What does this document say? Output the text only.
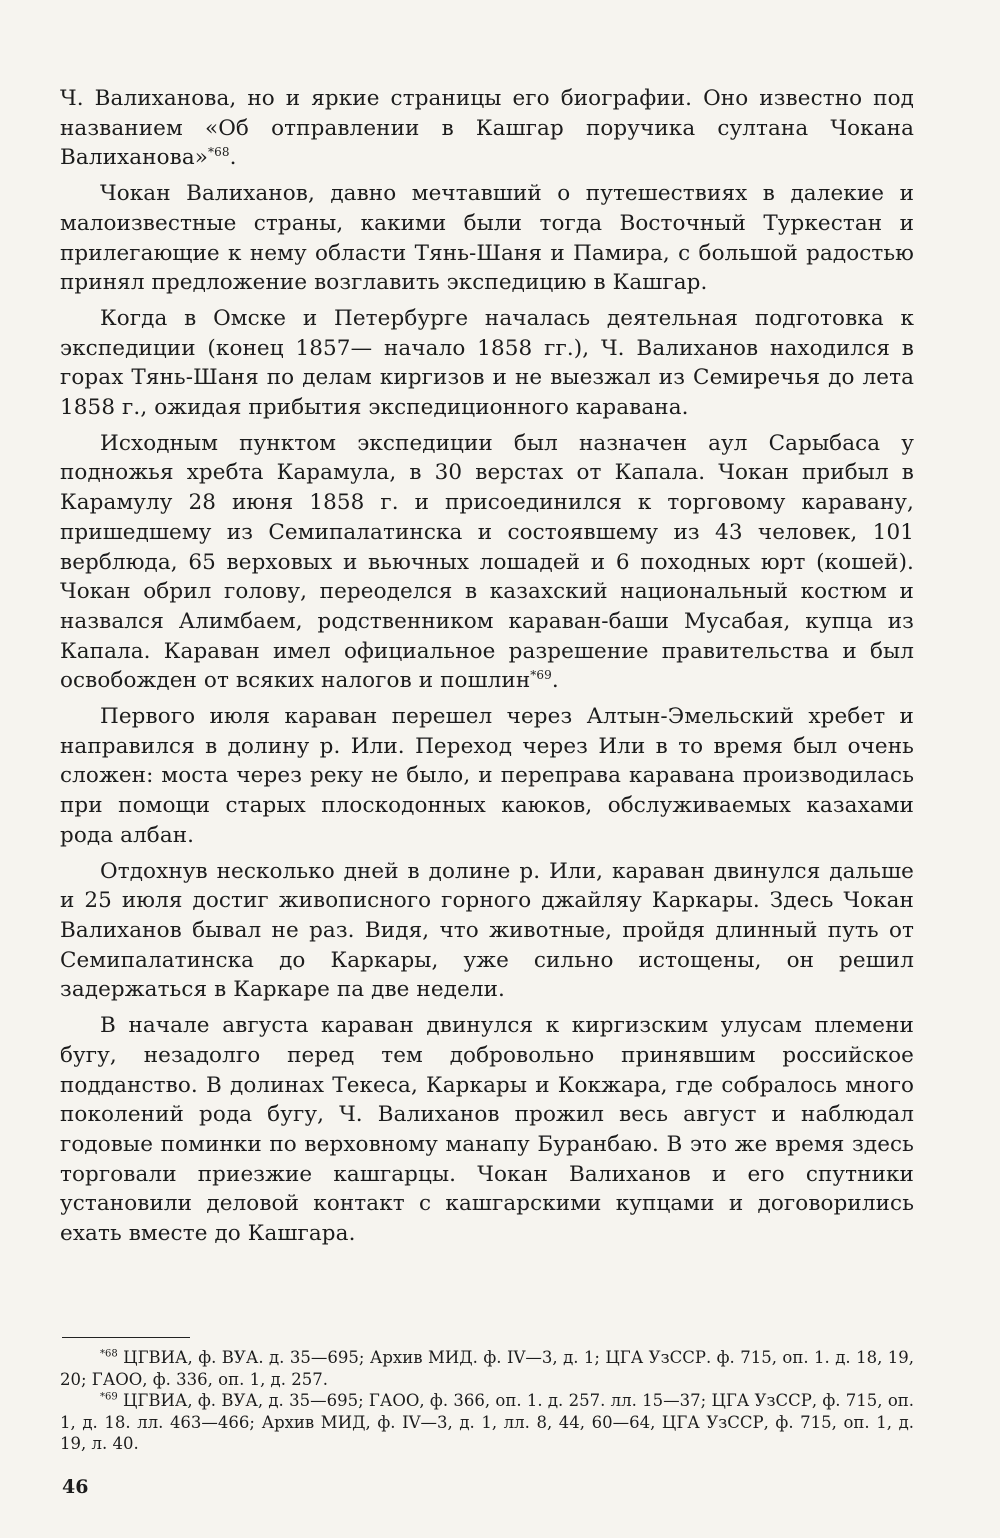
Ч. Валиханова, но и яркие страницы его биографии. Оно известно под названием «Об отправлении в Кашгар поручика султана Чокана Валиханова»$^{*68}$.

Чокан Валиханов, давно мечтавший о путешествиях в далекие и малоизвестные страны, какими были тогда Восточный Туркестан и прилегающие к нему области Тянь-Шаня и Памира, с большой радостью принял предложение возглавить экспедицию в Кашгар.

Когда в Омске и Петербурге началась деятельная подготовка к экспедиции (конец 1857— начало 1858 гг.), Ч. Валиханов находился в горах Тянь-Шаня по делам киргизов и не выезжал из Семиречья до лета 1858 г., ожидая прибытия экспедиционного каравана.

Исходным пунктом экспедиции был назначен аул Сарыбаса у подножья хребта Карамула, в 30 верстах от Капала. Чокан прибыл в Карамулу 28 июня 1858 г. и присоединился к торговому каравану, пришедшему из Семипалатинска и состоявшему из 43 человек, 101 верблюда, 65 верховых и вьючных лошадей и 6 походных юрт (кошей). Чокан обрил голову, переоделся в казахский национальный костюм и назвался Алимбаем, родственником караван-баши Мусабая, купца из Капала. Караван имел официальное разрешение правительства и был освобожден от всяких налогов и пошлин$^{*69}$.

Первого июля караван перешел через Алтын-Эмельский хребет и направился в долину р. Или. Переход через Или в то время был очень сложен: моста через реку не было, и переправа каравана производилась при помощи старых плоскодонных каюков, обслуживаемых казахами рода албан.

Отдохнув несколько дней в долине р. Или, караван двинулся дальше и 25 июля достиг живописного горного джайляу Каркары. Здесь Чокан Валиханов бывал не раз. Видя, что животные, пройдя длинный путь от Семипалатинска до Каркары, уже сильно истощены, он решил задержаться в Каркаре па две недели.

В начале августа караван двинулся к киргизским улусам племени бугу, незадолго перед тем добровольно принявшим российское подданство. В долинах Текеса, Каркары и Кокжара, где собралось много поколений рода бугу, Ч. Валиханов прожил весь август и наблюдал годовые поминки по верховному манапу Буранбаю. В это же время здесь торговали приезжие кашгарцы. Чокан Валиханов и его спутники установили деловой контакт с кашгарскими купцами и договорились ехать вместе до Кашгара.

$^{*68}$ ЦГВИА, ф. ВУА. д. 35—695; Архив МИД. ф. IV—3, д. 1; ЦГА УзССР. ф. 715, оп. 1. д. 18, 19, 20; ГАОО, ф. 336, оп. 1, д. 257.

$^{*69}$ ЦГВИА, ф. ВУА, д. 35—695; ГАОО, ф. 366, оп. 1. д. 257. лл. 15—37; ЦГА УзССР, ф. 715, оп. 1, д. 18. лл. 463—466; Архив МИД, ф. IV—3, д. 1, лл. 8, 44, 60—64, ЦГА УзССР, ф. 715, оп. 1, д. 19, л. 40.

46
